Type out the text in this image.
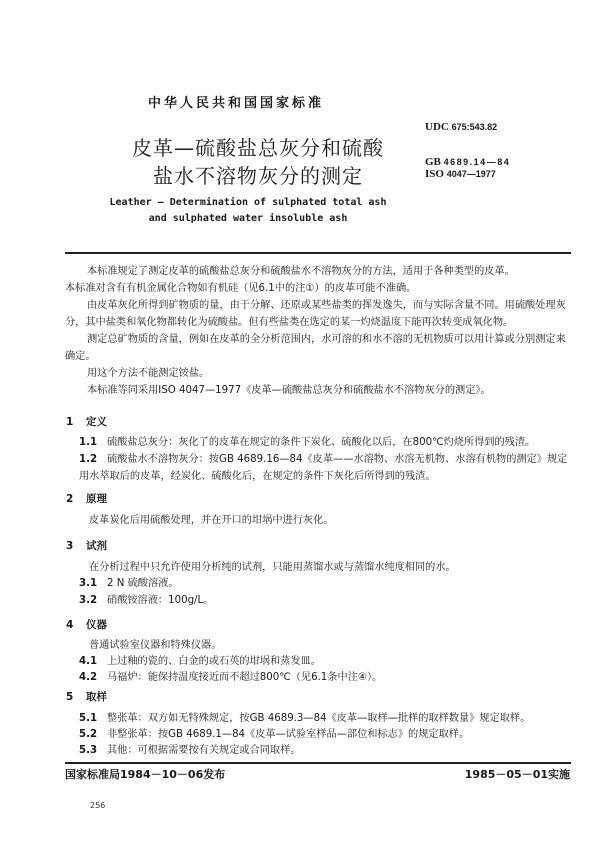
中华人民共和国国家标准
皮革—硫酸盐总灰分和硫酸
盐水不溶物灰分的测定
Leather — Determination of sulphated total ash
and sulphated water insoluble ash
UDC 675:543.82
GB 4689.14—84
ISO 4047—1977

本标准规定了测定皮革的硫酸盐总灰分和硫酸盐水不溶物灰分的方法，适用于各种类型的皮革。

本标准对含有有机金属化合物如有机硅（见6.1中的注①）的皮革可能不准确。

由皮革灰化所得到矿物质的量，由于分解、还原或某些盐类的挥发逸失，而与实际含量不同。用硫酸处理灰分，其中盐类和氧化物都转化为硫酸盐。但有些盐类在选定的某一灼烧温度下能再次转变成氧化物。

测定总矿物质的含量，例如在皮革的全分析范围内，水可溶的和水不溶的无机物质可以用计算或分别测定来确定。

用这个方法不能测定铵盐。

本标准等同采用ISO 4047—1977《皮革—硫酸盐总灰分和硫酸盐水不溶物灰分的测定》。

1 定义
1.1 硫酸盐总灰分：灰化了的皮革在规定的条件下炭化、硫酸化以后，在800℃灼烧所得到的残渣。
1.2 硫酸盐水不溶物灰分：按GB 4689.16—84《皮革——水溶物、水溶无机物、水溶有机物的测定》规定用水萃取后的皮革，经炭化、硫酸化后，在规定的条件下灰化后所得到的残渣。
2 原理
皮革炭化后用硫酸处理，并在开口的坩埚中进行灰化。
3 试剂
在分析过程中只允许使用分析纯的试剂，只能用蒸馏水或与蒸馏水纯度相同的水。
3.1 2 N 硫酸溶液。
3.2 硝酸铵溶液：100g/L。
4 仪器
普通试验室仪器和特殊仪器。
4.1 上过釉的瓷的、白金的或石英的坩埚和蒸发皿。
4.2 马福炉：能保持温度接近而不超过800℃（见6.1条中注④）。
5 取样
5.1 整张革：双方如无特殊规定，按GB 4689.3—84《皮革—取样—批样的取样数量》规定取样。
5.2 非整张革：按GB 4689.1—84《皮革—试验室样品—部位和标志》的规定取样。
5.3 其他：可根据需要按有关规定或合同取样。
国家标准局1984－10－06发布	1985－05－01实施
256
